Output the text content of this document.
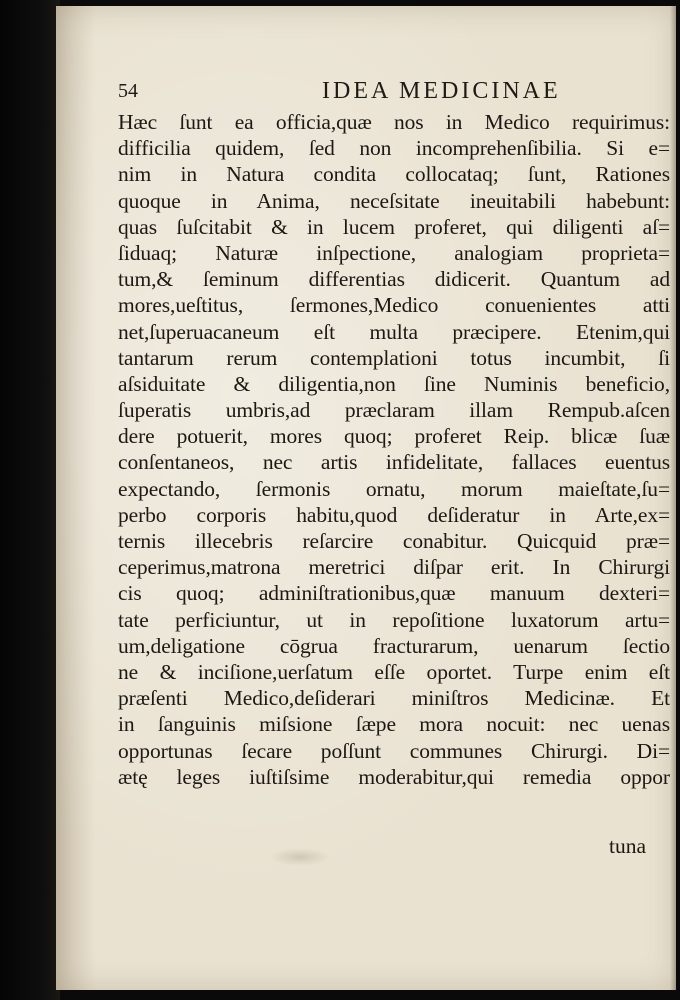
54	IDEA MEDICINAE
Hæc ſunt ea officia,quæ nos in Medico requirimus:
difficilia quidem, ſed non incomprehenſibilia. Si e=
nim in Natura condita collocataq; ſunt, Rationes
quoque in Anima, neceſsitate ineuitabili habebunt:
quas ſuſcitabit & in lucem proferet, qui diligenti aſ=
ſiduaq; Naturæ inſpectione, analogiam proprieta=
tum,& ſeminum differentias didicerit. Quantum ad
mores,ueſtitus, ſermones,Medico conuenientes atti
net,ſuperuacaneum eſt multa præcipere. Etenim,qui
tantarum rerum contemplationi totus incumbit, ſi
aſsiduitate & diligentia,non ſine Numinis beneficio,
ſuperatis umbris,ad præclaram illam Rempub.aſcen
dere potuerit, mores quoq; proferet Reip. blicæ ſuæ
conſentaneos, nec artis infidelitate, fallaces euentus
expectando, ſermonis ornatu, morum maieſtate,ſu=
perbo corporis habitu,quod deſideratur in Arte,ex=
ternis illecebris reſarcire conabitur. Quicquid præ=
ceperimus,matrona meretrici diſpar erit. In Chirurgi
cis quoq; adminiſtrationibus,quæ manuum dexteri=
tate perficiuntur, ut in repoſitione luxatorum artu=
um,deligatione cōgrua fracturarum, uenarum ſectio
ne & inciſione,uerſatum eſſe oportet. Turpe enim eſt
præſenti Medico,deſiderari miniſtros Medicinæ. Et
in ſanguinis miſsione ſæpe mora nocuit: nec uenas
opportunas ſecare poſſunt communes Chirurgi. Di=
ætę leges iuſtiſsime moderabitur,qui remedia oppor
tuna
